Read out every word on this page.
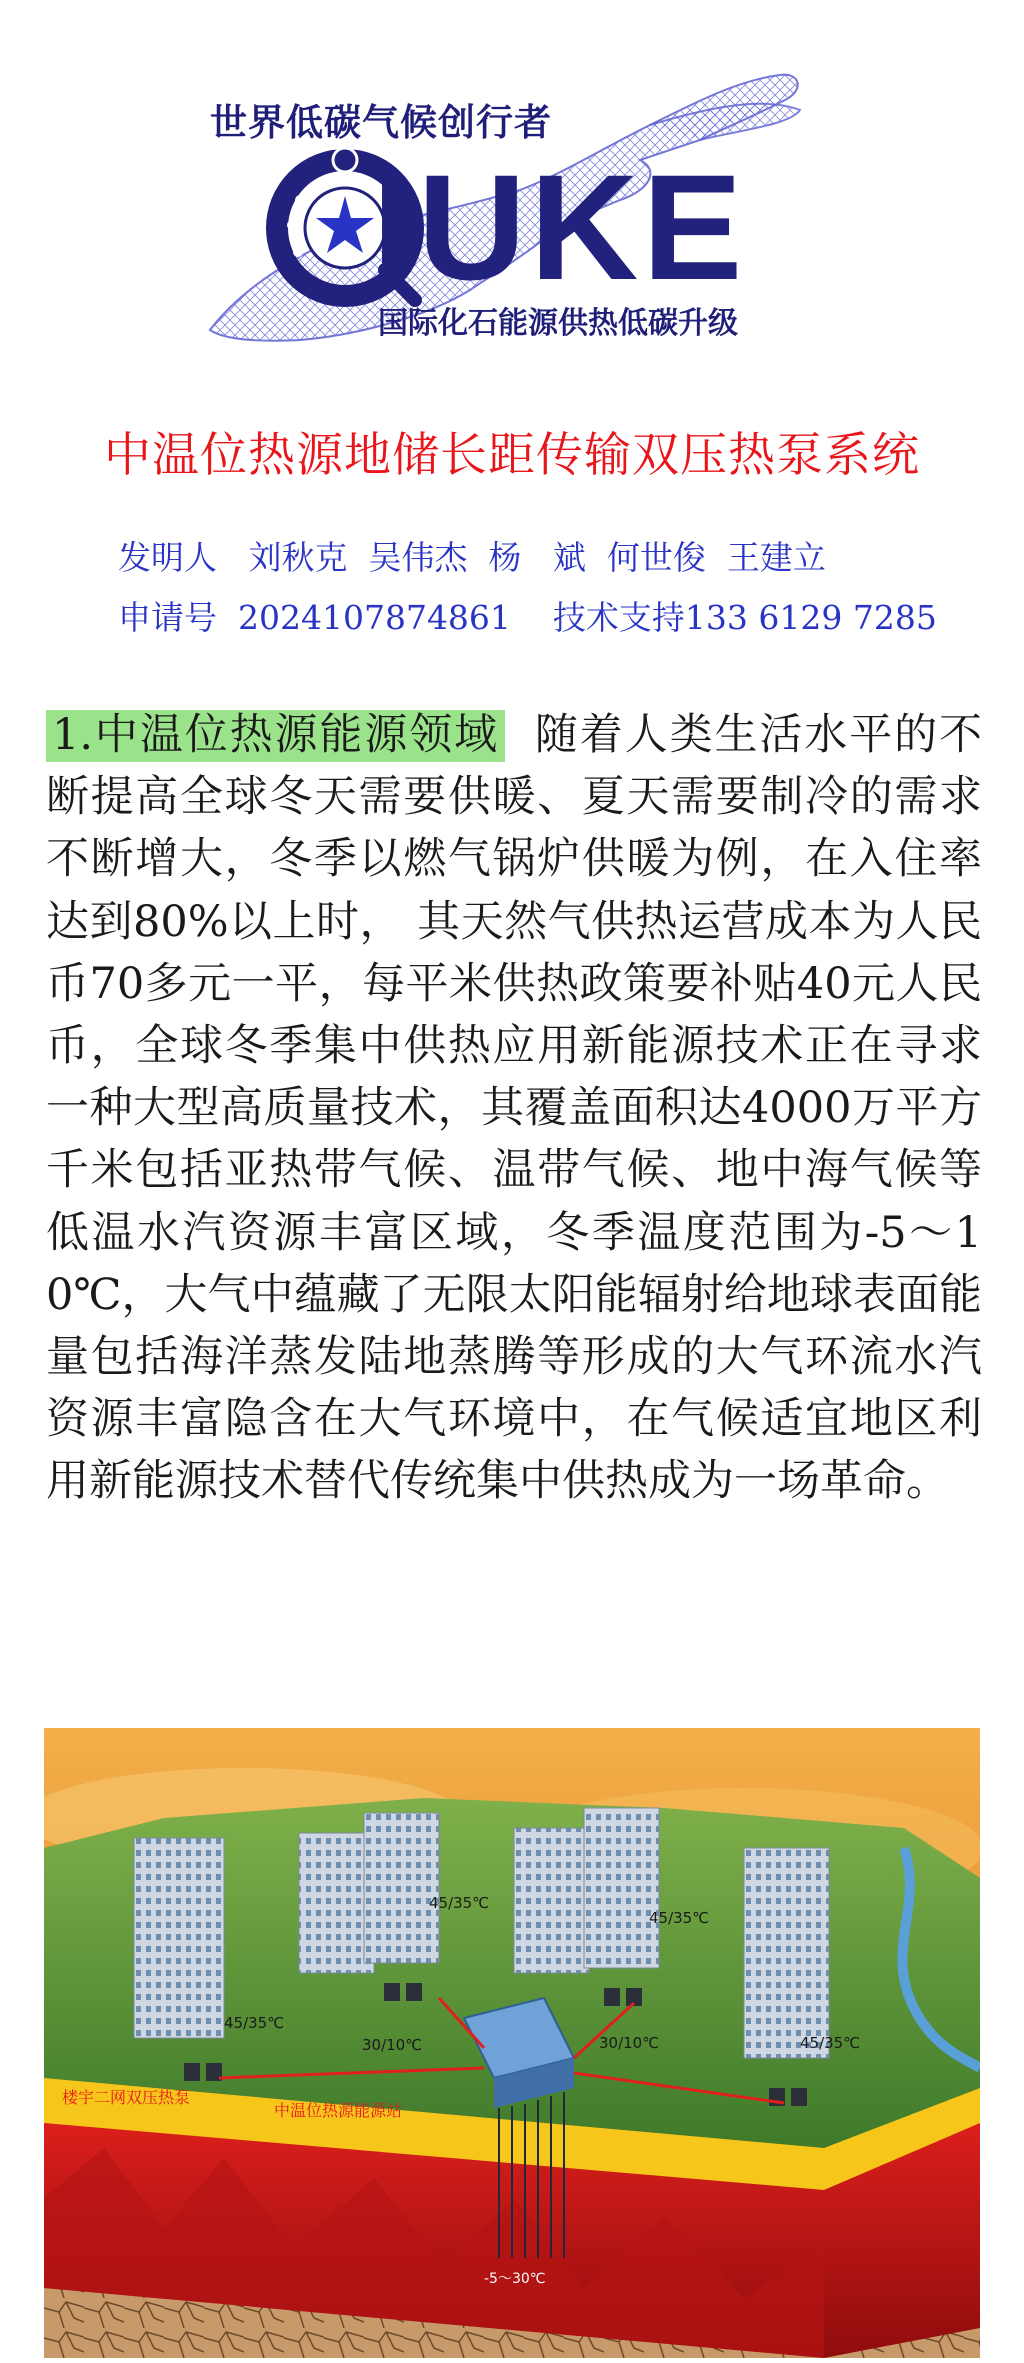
世界低碳气候创行者
IUKE
国际化石能源供热低碳升级
中温位热源地储长距传输双压热泵系统
发明人   刘秋克  吴伟杰  杨   斌  何世俊  王建立
申请号  2024107874861    技术支持133 6129 7285
1.中温位热源能源领域 随着人类生活水平的不断提高全球冬天需要供暖、夏天需要制冷的需求不断增大，冬季以燃气锅炉供暖为例，在入住率达到80%以上时， 其天然气供热运营成本为人民币70多元一平，每平米供热政策要补贴40元人民币，全球冬季集中供热应用新能源技术正在寻求一种大型高质量技术，其覆盖面积达4000万平方千米包括亚热带气候、温带气候、地中海气候等低温水汽资源丰富区域，冬季温度范围为-5～10℃，大气中蕴藏了无限太阳能辐射给地球表面能量包括海洋蒸发陆地蒸腾等形成的大气环流水汽资源丰富隐含在大气环境中，在气候适宜地区利用新能源技术替代传统集中供热成为一场革命。
45/35℃
45/35℃
45/35℃
45/35℃
30/10℃	30/10℃
-5～30℃
楼宇二网双压热泵
中温位热源能源站
